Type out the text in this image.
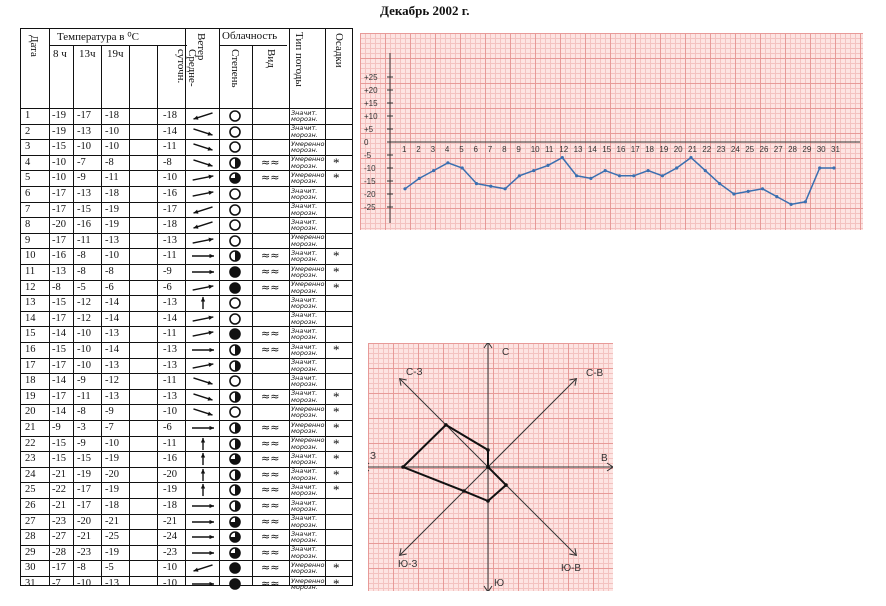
Декабрь 2002 г.
Дата Температура в ⁰С
8 ч 13ч 19ч	Средне-суточн.
Ветер Облачность
Степень Вид Тип погоды	Осадки
1 -19 -17 -18	-18	Значит.
морозн.
2 -19 -13 -10	-14	Значит.
морозн.
3 -15 -10 -10	-11	Умеренно
морозн.
4 -10 -7 -8	-8	≈≈ Умеренно
морозн. *
5 -10 -9 -11	-10	≈≈ Умеренно
морозн. *
6 -17 -13 -18	-16	Значит.
морозн.
7 -17 -15 -19	-17	Значит.
морозн.
8 -20 -16 -19	-18	Значит.
морозн.
9 -17 -11 -13	-13	Умеренно
морозн.
10 -16 -8 -10	-11	≈≈ Значит.
морозн. *
11 -13 -8 -8	-9	≈≈ Умеренно
морозн. *
12 -8 -5 -6	-6	≈≈ Умеренно
морозн. *
13 -15 -12 -14	-13	Значит.
морозн.
14 -17 -12 -14	-14	Значит.
морозн.
15 -14 -10 -13	-11	≈≈ Значит.
морозн.
16 -15 -10 -14	-13	≈≈ Значит.
морозн. *
17 -17 -10 -13	-13	Значит.
морозн.
18 -14 -9 -12	-11	Значит.
морозн.
19 -17 -11 -13	-13	≈≈ Значит.
морозн. *
20 -14 -8 -9	-10	Умеренно
морозн. *
21 -9 -3 -7	-6	≈≈ Умеренно
морозн. *
22 -15 -9 -10	-11	≈≈ Умеренно
морозн. *
23 -15 -15 -19	-16	≈≈ Значит.
морозн. *
24 -21 -19 -20	-20	≈≈ Значит.
морозн. *
25 -22 -17 -19	-19	≈≈ Значит.
морозн. *
26 -21 -17 -18	-18	≈≈ Значит.
морозн.
27 -23 -20 -21	-21	≈≈ Значит.
морозн.
28 -27 -21 -25	-24	≈≈ Значит.
морозн.
29 -28 -23 -19	-23	≈≈ Значит.
морозн.
30 -17 -8 -5	-10	≈≈ Умеренно
морозн. *
31 -7 -10 -13	-10	≈≈ Умеренно
морозн. *
+25
+20
+15
+10
+5
0
-5
-10
-15
-20
-25
1 2 3 4 5 6 7 8 9 10 11 12 13 14 15 16 17 18 19 20 21 22 23 24 25 26 27 28 29 30 31
С
С-В
В
Ю-В
Ю
Ю-З
З
С-З
